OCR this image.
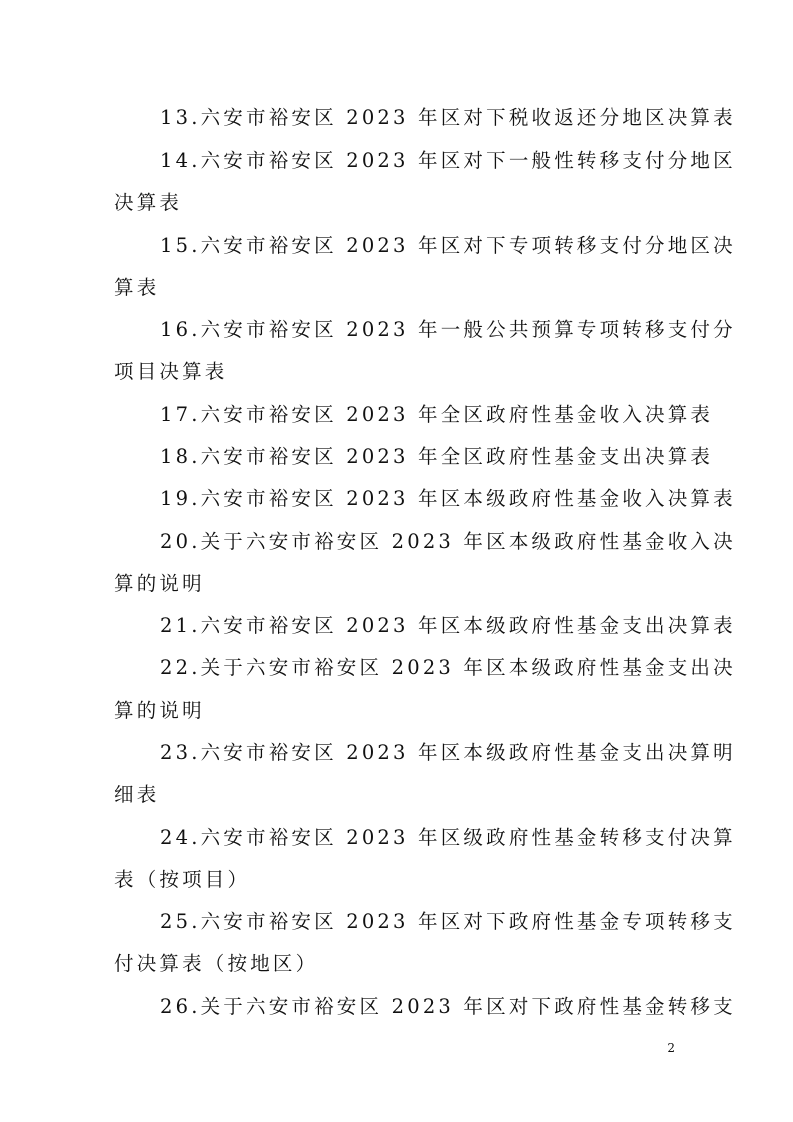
13.六安市裕安区 2023 年区对下税收返还分地区决算表
14.六安市裕安区 2023 年区对下一般性转移支付分地区
决算表
15.六安市裕安区 2023 年区对下专项转移支付分地区决
算表
16.六安市裕安区 2023 年一般公共预算专项转移支付分
项目决算表
17.六安市裕安区 2023 年全区政府性基金收入决算表
18.六安市裕安区 2023 年全区政府性基金支出决算表
19.六安市裕安区 2023 年区本级政府性基金收入决算表
20.关于六安市裕安区 2023 年区本级政府性基金收入决
算的说明
21.六安市裕安区 2023 年区本级政府性基金支出决算表
22.关于六安市裕安区 2023 年区本级政府性基金支出决
算的说明
23.六安市裕安区 2023 年区本级政府性基金支出决算明
细表
24.六安市裕安区 2023 年区级政府性基金转移支付决算
表（按项目）
25.六安市裕安区 2023 年区对下政府性基金专项转移支
付决算表（按地区）
26.关于六安市裕安区 2023 年区对下政府性基金转移支
2
